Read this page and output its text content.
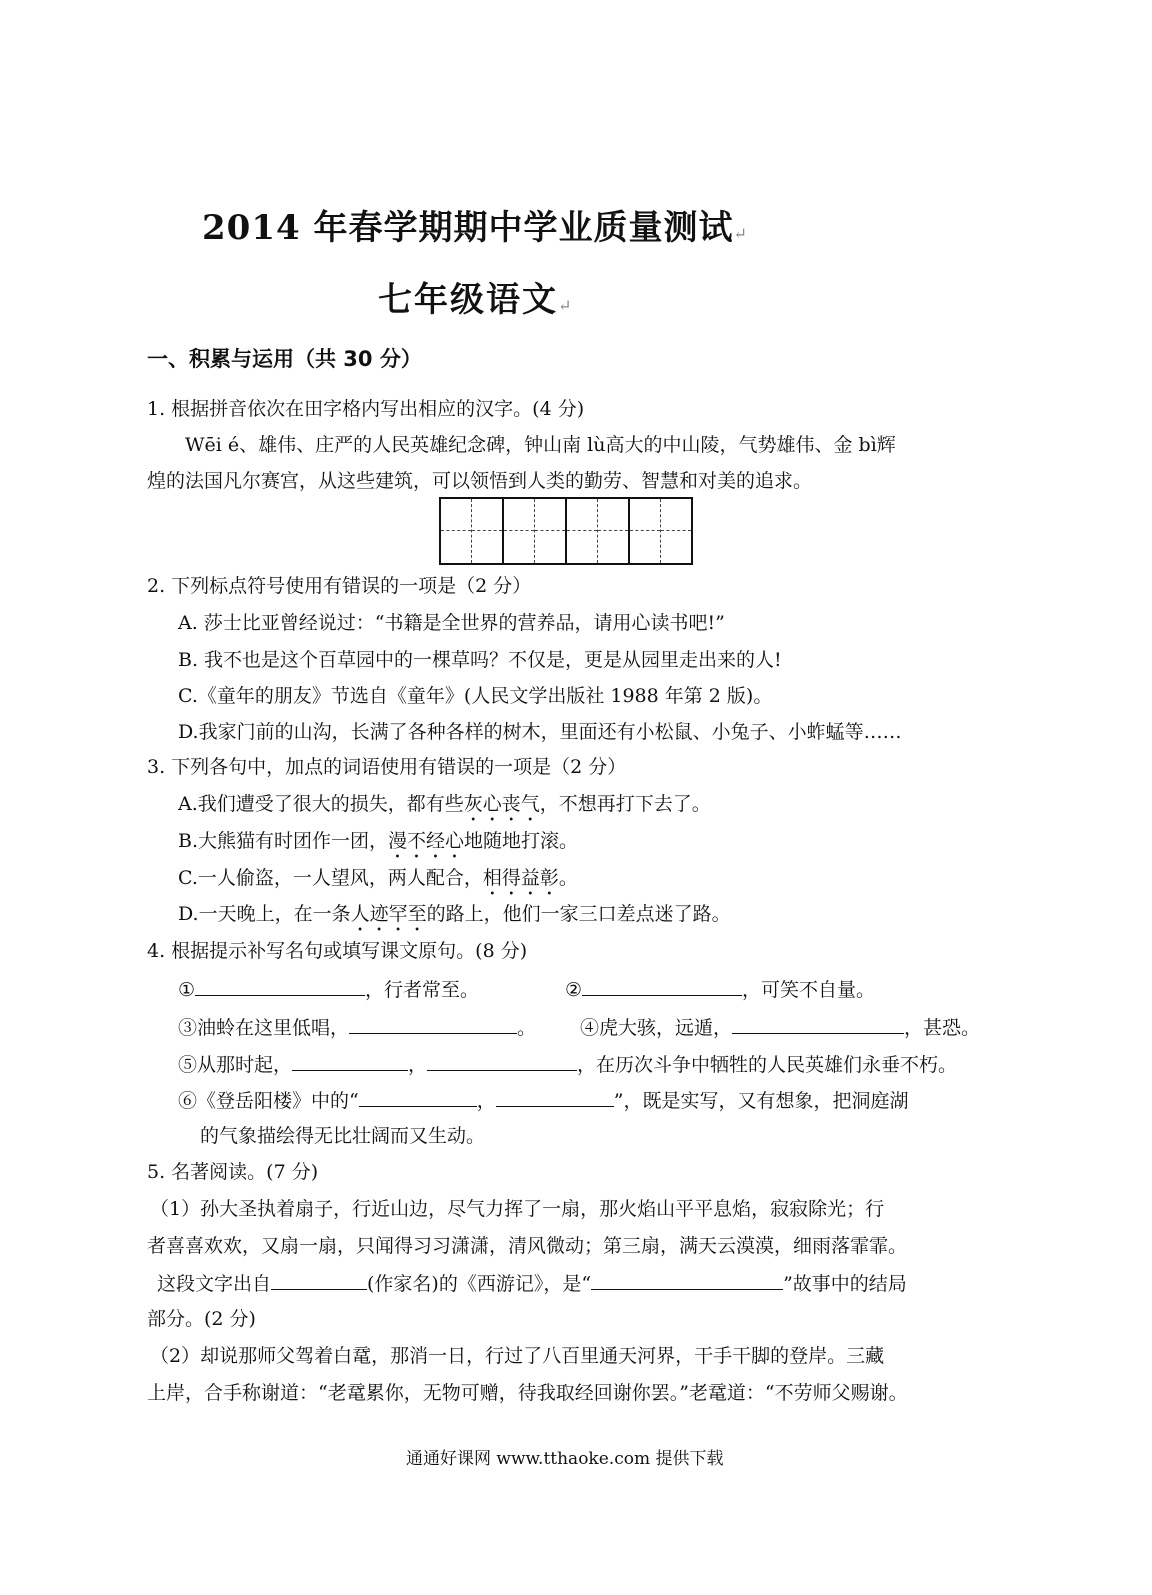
2014 年春学期期中学业质量测试↵
七年级语文↵
一、积累与运用（共 30 分）
1. 根据拼音依次在田字格内写出相应的汉字。(4 分)
Wēi é、雄伟、庄严的人民英雄纪念碑，钟山南 lù高大的中山陵，气势雄伟、金 bì辉
煌的法国凡尔赛宫，从这些建筑，可以领悟到人类的勤劳、智慧和对美的追求。
2. 下列标点符号使用有错误的一项是（2 分）
A. 莎士比亚曾经说过：“书籍是全世界的营养品，请用心读书吧!”
B. 我不也是这个百草园中的一棵草吗？不仅是，更是从园里走出来的人!
C.《童年的朋友》节选自《童年》(人民文学出版社 1988 年第 2 版)。
D.我家门前的山沟，长满了各种各样的树木，里面还有小松鼠、小兔子、小蚱蜢等……
3. 下列各句中，加点的词语使用有错误的一项是（2 分）
A.我们遭受了很大的损失，都有些灰心丧气，不想再打下去了。
B.大熊猫有时团作一团，漫不经心地随地打滚。
C.一人偷盗，一人望风，两人配合，相得益彰。
D.一天晚上，在一条人迹罕至的路上，他们一家三口差点迷了路。
4. 根据提示补写名句或填写课文原句。(8 分)
①	，行者常至。	②	，可笑不自量。
③油蛉在这里低唱，	。 ④虎大骇，远遁，	，甚恐。
⑤从那时起，	，	，在历次斗争中牺牲的人民英雄们永垂不朽。
⑥《登岳阳楼》中的“	，	”，既是实写，又有想象，把洞庭湖
的气象描绘得无比壮阔而又生动。
5. 名著阅读。(7 分)
（1）孙大圣执着扇子，行近山边，尽气力挥了一扇，那火焰山平平息焰，寂寂除光；行
者喜喜欢欢，又扇一扇，只闻得习习潇潇，清风微动；第三扇，满天云漠漠，细雨落霏霏。
这段文字出自	(作家名)的《西游记》，是“	”故事中的结局
部分。(2 分)
（2）却说那师父驾着白鼋，那消一日，行过了八百里通天河界，干手干脚的登岸。三藏
上岸，合手称谢道：“老鼋累你，无物可赠，待我取经回谢你罢。”老鼋道：“不劳师父赐谢。
通通好课网 www.tthaoke.com 提供下载
